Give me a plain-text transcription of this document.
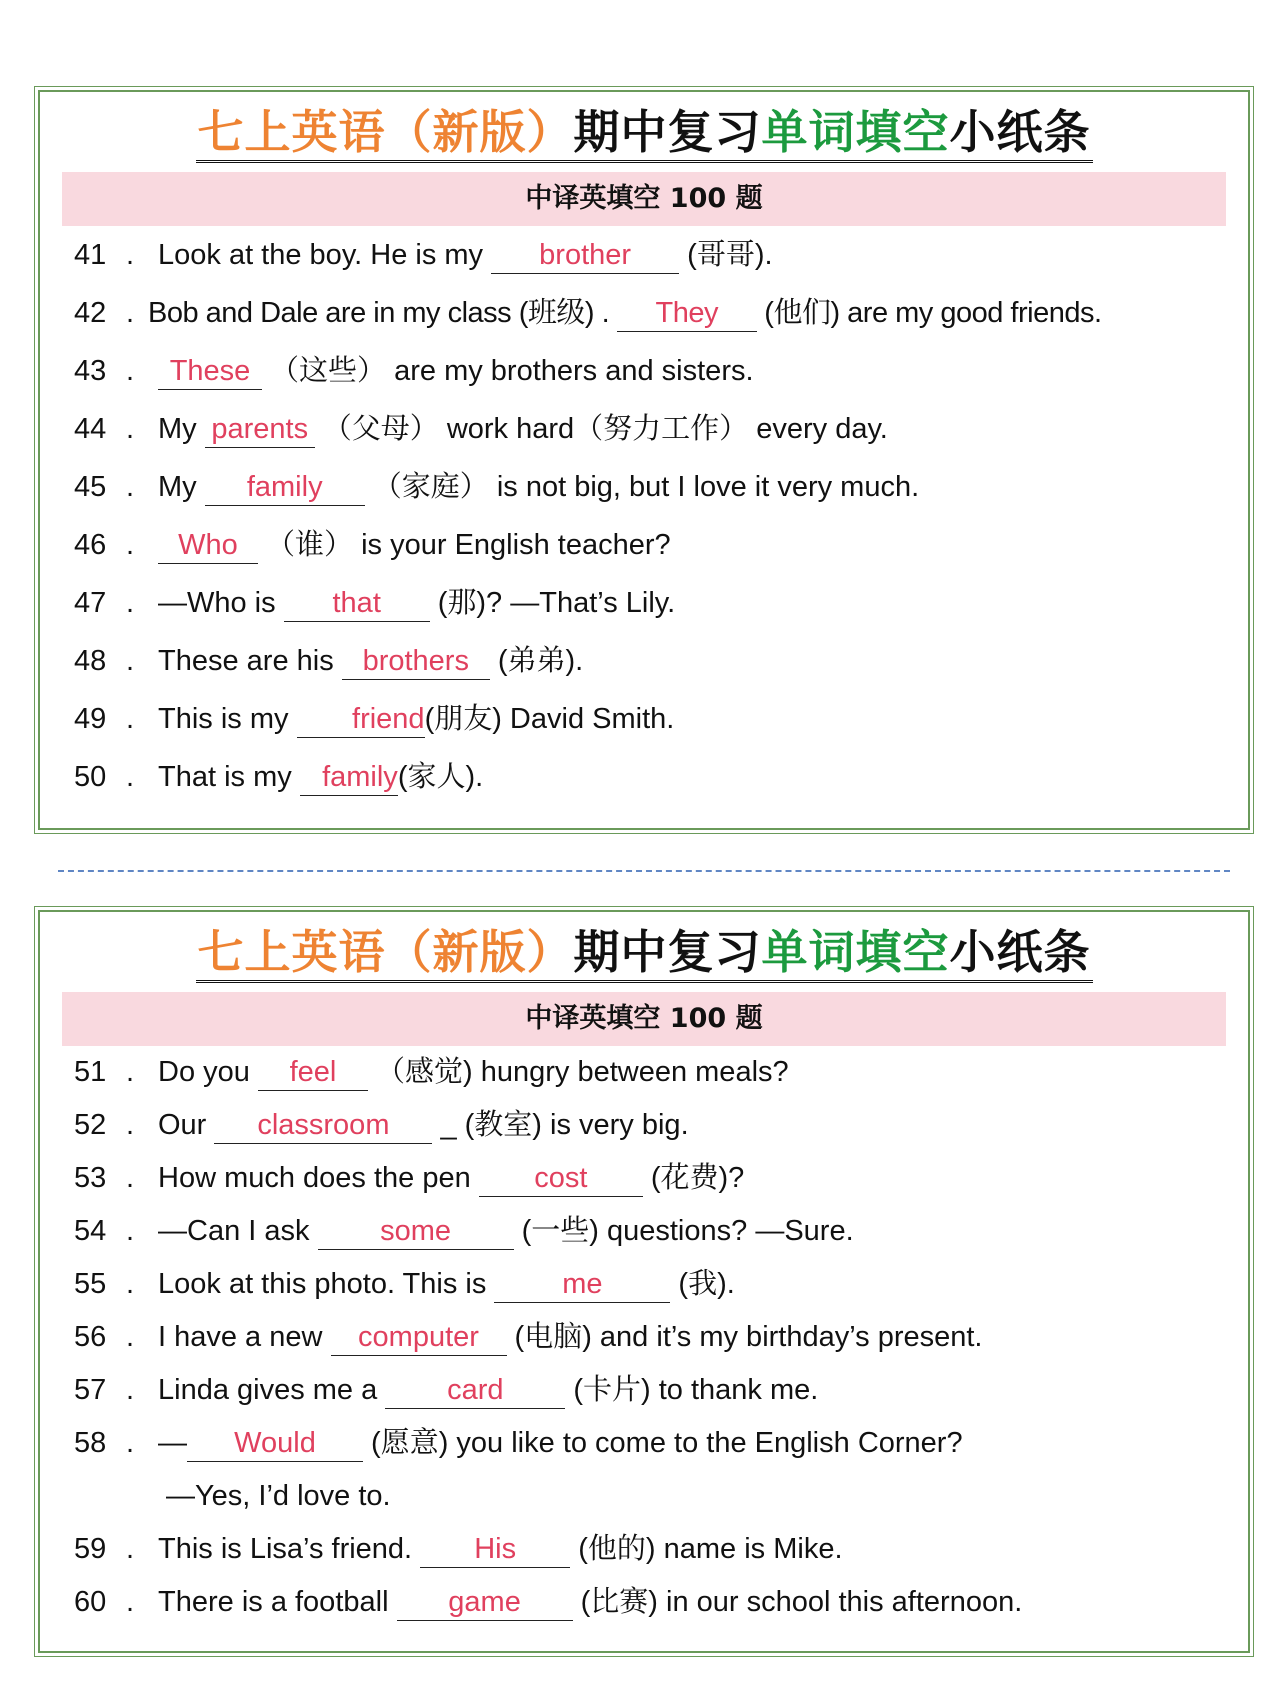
七上英语（新版）期中复习单词填空小纸条
中译英填空 100 题
41 . Look at the boy. He is my brother (哥哥).
42 . Bob and Dale are in my class (班级) . They (他们) are my good friends.
43 .	These （这些） are my brothers and sisters.
44 . My parents （父母） work hard（努力工作） every day.
45 . My family （家庭） is not big, but I love it very much.
46 .	Who （谁） is your English teacher?
47 . —Who is that (那)? —That’s Lily.
48 . These are his brothers (弟弟).
49 . This is my friend(朋友) David Smith.
50 . That is my family(家人).
七上英语（新版）期中复习单词填空小纸条
中译英填空 100 题
51 . Do you feel （感觉) hungry between meals?
52 . Our classroom _ (教室) is very big.
53 . How much does the pen cost (花费)?
54 . —Can I ask some (一些) questions? —Sure.
55 . Look at this photo. This is me (我).
56 . I have a new computer (电脑) and it’s my birthday’s present.
57 . Linda gives me a card (卡片) to thank me.
58 . — Would (愿意) you like to come to the English Corner?
—Yes, I’d love to.
59 . This is Lisa’s friend. His (他的) name is Mike.
60 . There is a football game (比赛) in our school this afternoon.
